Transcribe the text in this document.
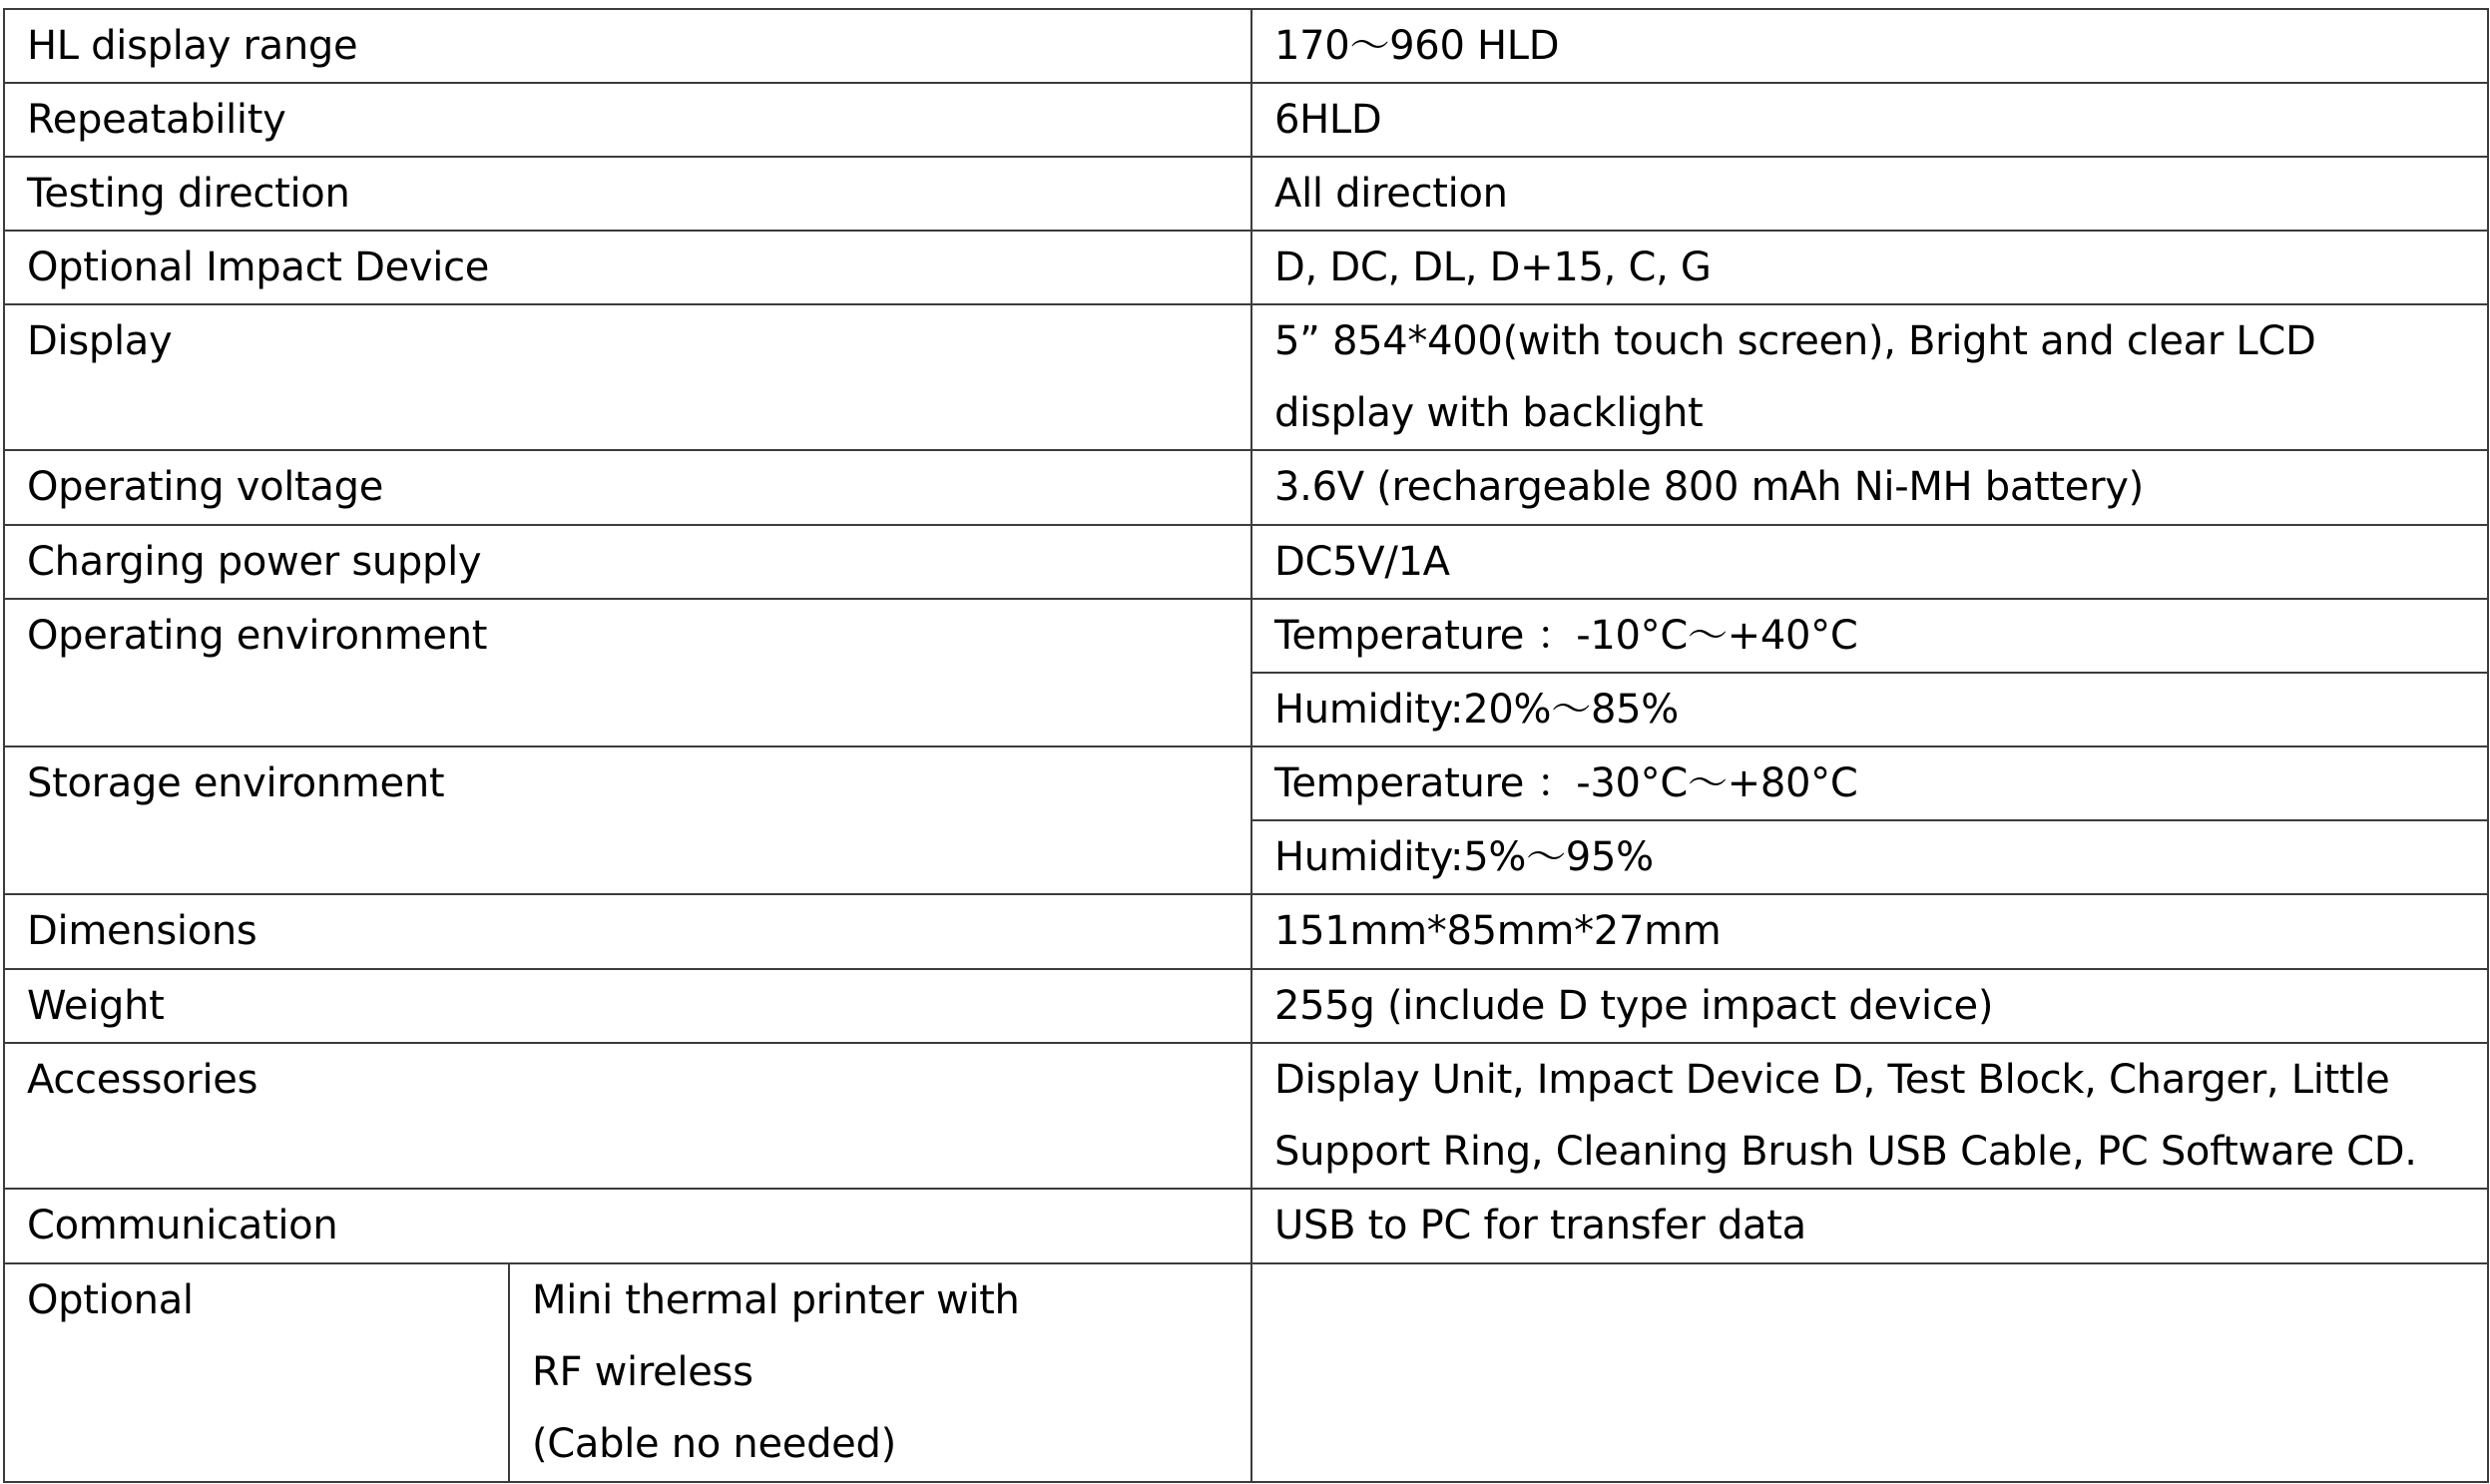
HL display range		170～960 HLD
Repeatability		6HLD
Testing direction		All direction
Optional Impact Device		D, DC, DL, D+15, C, G
Display		5” 854*400(with touch screen), Bright and clear LCD
display with backlight

Operating voltage		3.6V (rechargeable 800 mAh Ni-MH battery)
Charging power supply		DC5V/1A
Operating environment		Temperature ：-10°C～+40°C
		Humidity:20%～85%
Storage environment		Temperature ：-30°C～+80°C
		Humidity:5%～95%
Dimensions		151mm*85mm*27mm
Weight		255g (include D type impact device)
Accessories		Display Unit, Impact Device D, Test Block, Charger, Little
Support Ring, Cleaning Brush USB Cable, PC Software CD.

Communication		USB to PC for transfer data
Optional	Mini thermal printer with
RF wireless
(Cable no needed)	
